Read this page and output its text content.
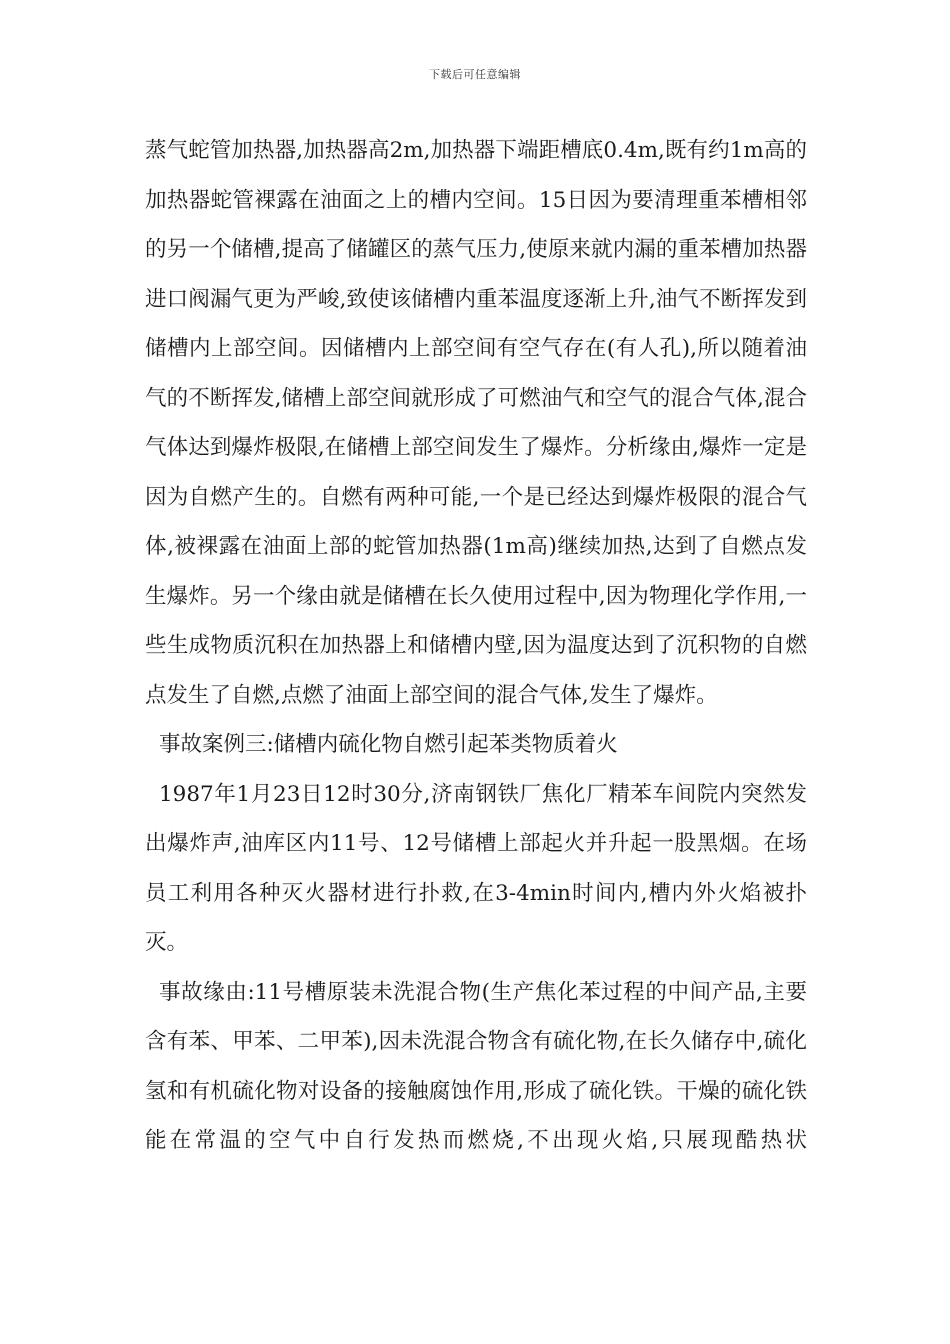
下载后可任意编辑

蒸气蛇管加热器,加热器高2m,加热器下端距槽底0.4m,既有约1m高的加热器蛇管裸露在油面之上的槽内空间。15日因为要清理重苯槽相邻的另一个储槽,提高了储罐区的蒸气压力,使原来就内漏的重苯槽加热器进口阀漏气更为严峻,致使该储槽内重苯温度逐渐上升,油气不断挥发到储槽内上部空间。因储槽内上部空间有空气存在(有人孔),所以随着油气的不断挥发,储槽上部空间就形成了可燃油气和空气的混合气体,混合气体达到爆炸极限,在储槽上部空间发生了爆炸。分析缘由,爆炸一定是因为自燃产生的。自燃有两种可能,一个是已经达到爆炸极限的混合气体,被裸露在油面上部的蛇管加热器(1m高)继续加热,达到了自燃点发生爆炸。另一个缘由就是储槽在长久使用过程中,因为物理化学作用,一些生成物质沉积在加热器上和储槽内壁,因为温度达到了沉积物的自燃点发生了自燃,点燃了油面上部空间的混合气体,发生了爆炸。

事故案例三:储槽内硫化物自燃引起苯类物质着火

1987年1月23日12时30分,济南钢铁厂焦化厂精苯车间院内突然发出爆炸声,油库区内11号、12号储槽上部起火并升起一股黑烟。在场员工利用各种灭火器材进行扑救,在3-4min时间内,槽内外火焰被扑灭。

事故缘由:11号槽原装未洗混合物(生产焦化苯过程的中间产品,主要含有苯、甲苯、二甲苯),因未洗混合物含有硫化物,在长久储存中,硫化氢和有机硫化物对设备的接触腐蚀作用,形成了硫化铁。干燥的硫化铁能在常温的空气中自行发热而燃烧,不出现火焰,只展现酷热状
